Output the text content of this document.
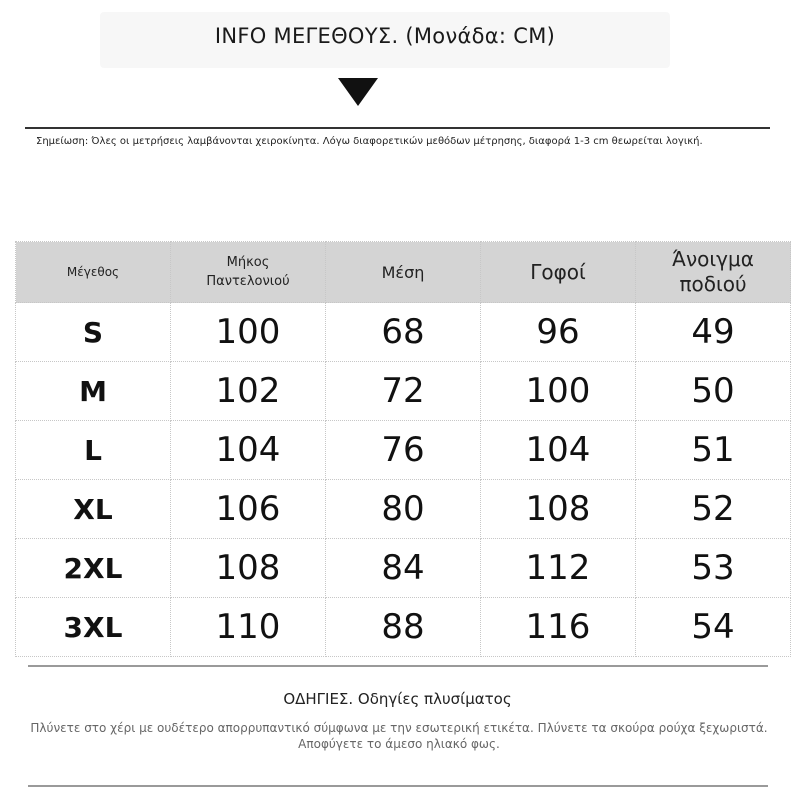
INFO ΜΕΓΕΘΟΥΣ. (Μονάδα: CM)
Σημείωση: Όλες οι μετρήσεις λαμβάνονται χειροκίνητα. Λόγω διαφορετικών μεθόδων μέτρησης, διαφορά 1-3 cm θεωρείται λογική.
Μέγεθος	Μήκος Παντελονιού	Μέση	Γοφοί	Άνοιγμα ποδιού

S	100	68	96	49
M	102	72	100	50
L	104	76	104	51
XL	106	80	108	52
2XL	108	84	112	53
3XL	110	88	116	54
ΟΔΗΓΙΕΣ. Οδηγίες πλυσίματος
Πλύνετε στο χέρι με ουδέτερο απορρυπαντικό σύμφωνα με την εσωτερική ετικέτα. Πλύνετε τα σκούρα ρούχα ξεχωριστά. Αποφύγετε το άμεσο ηλιακό φως.
